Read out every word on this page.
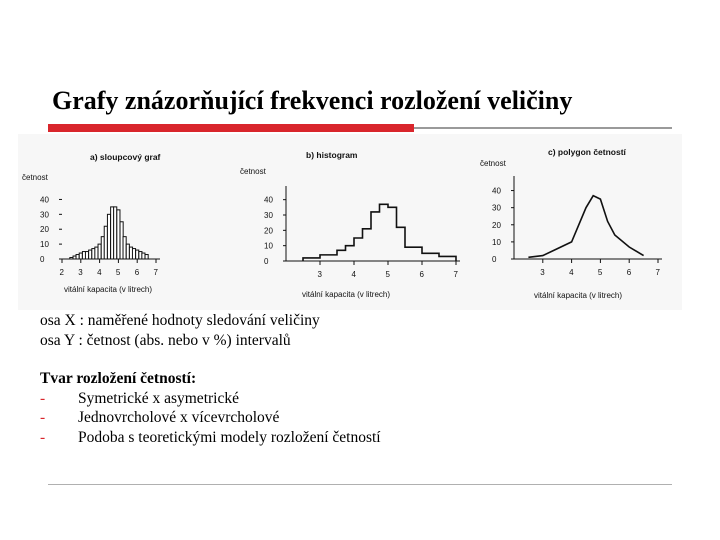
Grafy znázorňující frekvenci rozložení veličiny
a) sloupcový graf
četnost
vitální kapacita (v litrech)
2 3 4 5 6 7
0
10
20
30
40
b) histogram
četnost
vitální kapacita (v litrech)
3	4	5	6	7
0
10
20
30
40
c) polygon četností
četnost
vitální kapacita (v litrech)
3	4	5	6	7
0
10
20
30
40
osa X : naměřené hodnoty sledování veličiny
osa Y : četnost (abs. nebo v %) intervalů
Tvar rozložení četností:
-	Symetrické x asymetrické
-	Jednovrcholové x vícevrcholové
-	Podoba s teoretickými modely rozložení četností
